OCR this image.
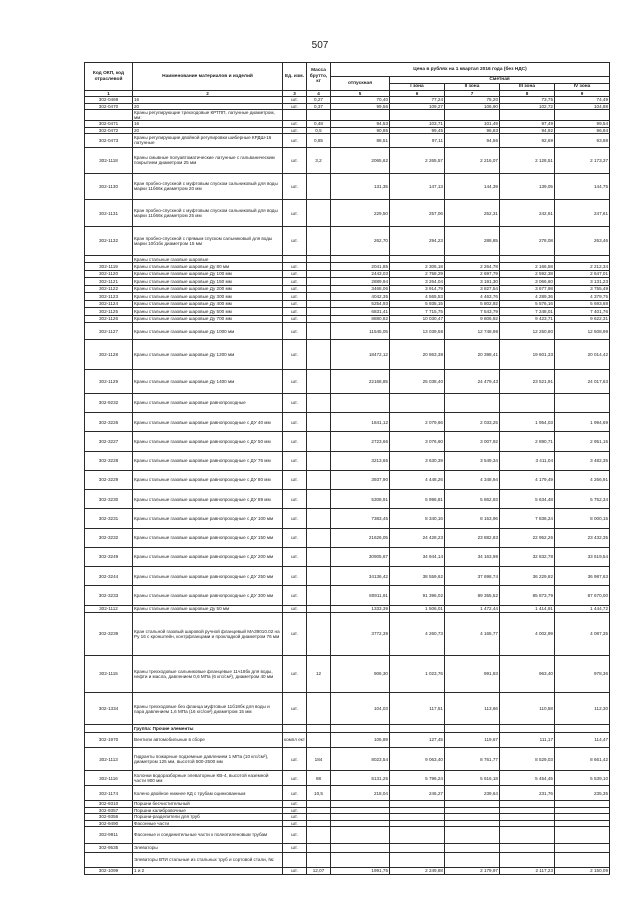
507
Код ОКП, код отраслевой	Наименование материалов и изделий	Ед. изм.	Масса брутто, кг	Цена в рублях на 1 квартал 2016 года (без НДС)				
				отпускная	Сметная			
					I зона	II зона	III зона	IV зона
1	2	3	4	5	6	7	8	9
302-0469	16	шт.	0,27	70,40	77,24	75,20	73,75	74,49
302-0470	20	шт.	0,37	99,56	109,27	106,90	102,72	104,88
	Краны регулирующие трехходовые КРТПП, латунные диаметром, мм:							
302-0471	16	шт.	0,48	94,53	103,71	101,49	97,49	99,54
302-0472	20	шт.	0,5	90,85	99,45	96,83	94,92	96,94
302-0473	Краны регулирующие двойной регулировки шиберные КРДШ-16 латунные	шт.	0,85	88,51	97,11	94,56	92,69	93,68
302-1118	Краны смывные полуавтоматические латунные с гальваническим покрытием диаметром 25 мм	шт.	3,2	2065,62	2 265,57	2 216,07	2 128,51	2 173,37
302-1130	Кран пробно-спускной с муфтовым спуском сальниковый для воды марки 11б66к диаметром 20 мм	шт.		131,35	147,13	144,39	139,05	144,75
302-1131	Кран пробно-спускной с муфтовым спуском сальниковый для воды марки 11б66к диаметром 25 мм	шт.		229,50	257,06	252,31	242,61	247,61
302-1132	Кран пробно-спускной с прямым спуском сальниковый для воды марки 10б1бк диаметром 15 мм	шт.		262,70	294,23	288,85	278,08	263,46
	Краны стальные газовые шаровые							
302-1119	Краны стальные газовые шаровые Ду 80 мм	шт.		2041,85	2 306,18	2 264,78	2 166,58	2 212,34
302-1120	Краны стальные газовые шаровые Ду 100 мм	шт.		2443,03	2 758,29	2 697,79	2 592,38	2 647,01
302-1121	Краны стальные газовые шаровые Ду 150 мм	шт.		2889,94	3 264,04	3 191,30	3 066,60	3 131,23
302-1122	Краны стальные газовые шаровые Ду 200 мм	шт.		3468,06	3 914,79	3 827,54	3 677,98	3 755,49
302-1123	Краны стальные газовые шаровые Ду 300 мм	шт.		4042,35	4 565,53	4 463,76	4 289,36	4 379,75
302-1124	Краны стальные газовые шаровые Ду 400 мм	шт.		5254,93	5 935,15	5 802,92	5 576,16	5 693,68
302-1125	Краны стальные газовые шаровые Ду 500 мм	шт.		6831,41	7 715,75	7 543,79	7 248,01	7 401,76
302-1126	Краны стальные газовые шаровые Ду 700 мм	шт.		8880,82	10 030,47	9 806,92	9 423,71	9 622,31
302-1127	Краны стальные газовые шаровые Ду 1000 мм	шт.		11545,05	13 039,58	12 748,98	12 250,80	12 508,99
302-1128	Краны стальные газовые шаровые Ду 1200 мм	шт.		18472,12	20 863,38	20 398,41	19 601,33	20 014,42
302-1129	Краны стальные газовые шаровые Ду 1400 мм	шт.		22168,85	25 038,40	24 479,43	23 521,91	24 017,63
302-9232	Краны стальные газовые шаровые равнопроходные	шт.						
302-3226	Краны стальные газовые шаровые равнопроходные с ДУ 40 мм	шт.		1841,12	2 079,66	2 033,25	1 954,03	1 994,69
302-3227	Краны стальные газовые шаровые равнопроходные с ДУ 50 мм	шт.		2723,66	3 076,60	3 007,92	2 890,71	2 951,15
302-3228	Краны стальные газовые шаровые равнопроходные с ДУ 76 мм	шт.		3213,65	3 630,39	3 549,34	3 411,04	3 482,35
302-3229	Краны стальные газовые шаровые равнопроходные с ДУ 80 мм	шт.		3937,90	4 448,26	4 348,94	4 179,49	4 266,91
302-3230	Краны стальные газовые шаровые равнопроходные с ДУ 89 мм	шт.		5308,91	5 996,81	5 862,93	5 634,48	5 752,34
302-3231	Краны стальные газовые шаровые равнопроходные с ДУ 100 мм	шт.		7383,45	8 340,16	8 153,96	7 836,24	8 000,15
302-3232	Краны стальные газовые шаровые равнопроходные с ДУ 150 мм	шт.		21626,05	24 428,23	23 882,83	22 952,26	23 432,35
302-3249	Краны стальные газовые шаровые равнопроходные с ДУ 200 мм	шт.		30905,67	34 944,14	34 163,98	32 832,78	33 519,54
302-3244	Краны стальные газовые шаровые равнопроходные с ДУ 250 мм	шт.		34136,42	38 559,62	37 698,74	36 229,82	36 987,63
302-3233	Краны стальные газовые шаровые равнопроходные с ДУ 300 мм	шт.		80911,91	91 396,02	89 355,52	85 873,79	87 670,00
302-1112	Краны стальные газовые шаровые Ду 50 мм	шт.		1333,39	1 506,01	1 472,44	1 414,91	1 444,72
302-3239	Кран стальной газовый шаровой ручной фланцевый МА39010.02 на Ру 16 с кронштейн, контрфланцами и прокладкой диаметром 76 мм	шт.		3772,39	4 260,73	4 165,77	4 002,99	4 087,35
302-1115	Краны трехходовые сальниковые фланцевые 11ч18бк для воды, нефти и масла, давлением 0,6 МПа (6 кгс/см²), диаметром 40 мм	шт.	12	906,30	1 023,76	991,93	963,40	978,36
302-1334	Краны трехходовые без фланца муфтовые 11б18бк для воды и пара давлением 1,6 МПа (16 кгс/см²) диаметром 15 мм	шт.		104,03	117,51	113,66	110,58	112,30
	Группа: Прочие элементы							
302-1970	Вентили автомобильные в сборе	компл ект		106,89	127,45	119,67	111,17	114,47
302-1113	Гидранты пожарные подземные давлением 1 МПа (10 кгс/см²), диаметром 125 мм, высотой 500-2500 мм	шт.	184	8023,54	9 063,40	8 761,77	8 529,03	8 661,42
302-1116	Колонки водоразборные элеваторные КВ-4, высотой наземной части 900 мм	шт.	88	5131,25	5 796,24	5 616,18	5 454,45	5 539,10
302-1174	Колено двойное нижнее КД с трубам оцинкованным	шт.	10,5	218,04	246,27	239,64	231,76	235,35
302-9310	Поршни бесчистительный	шт.						
302-9357	Поршни калибровочные	шт.						
302-9356	Поршни-разделители для труб	шт.						
302-9490	Фасонные части	шт.						
302-9911	Фасонные и соединительные части к полиэтиленовым трубам	шт.						
302-9535	Элеваторы	шт.						
	Элеваторы ВТИ стальные из стальных труб и сортовой стали, №:							
302-1099	1 и 2	шт.	12,07	1991,75	2 249,88	2 179,97	2 117,23	2 150,09
